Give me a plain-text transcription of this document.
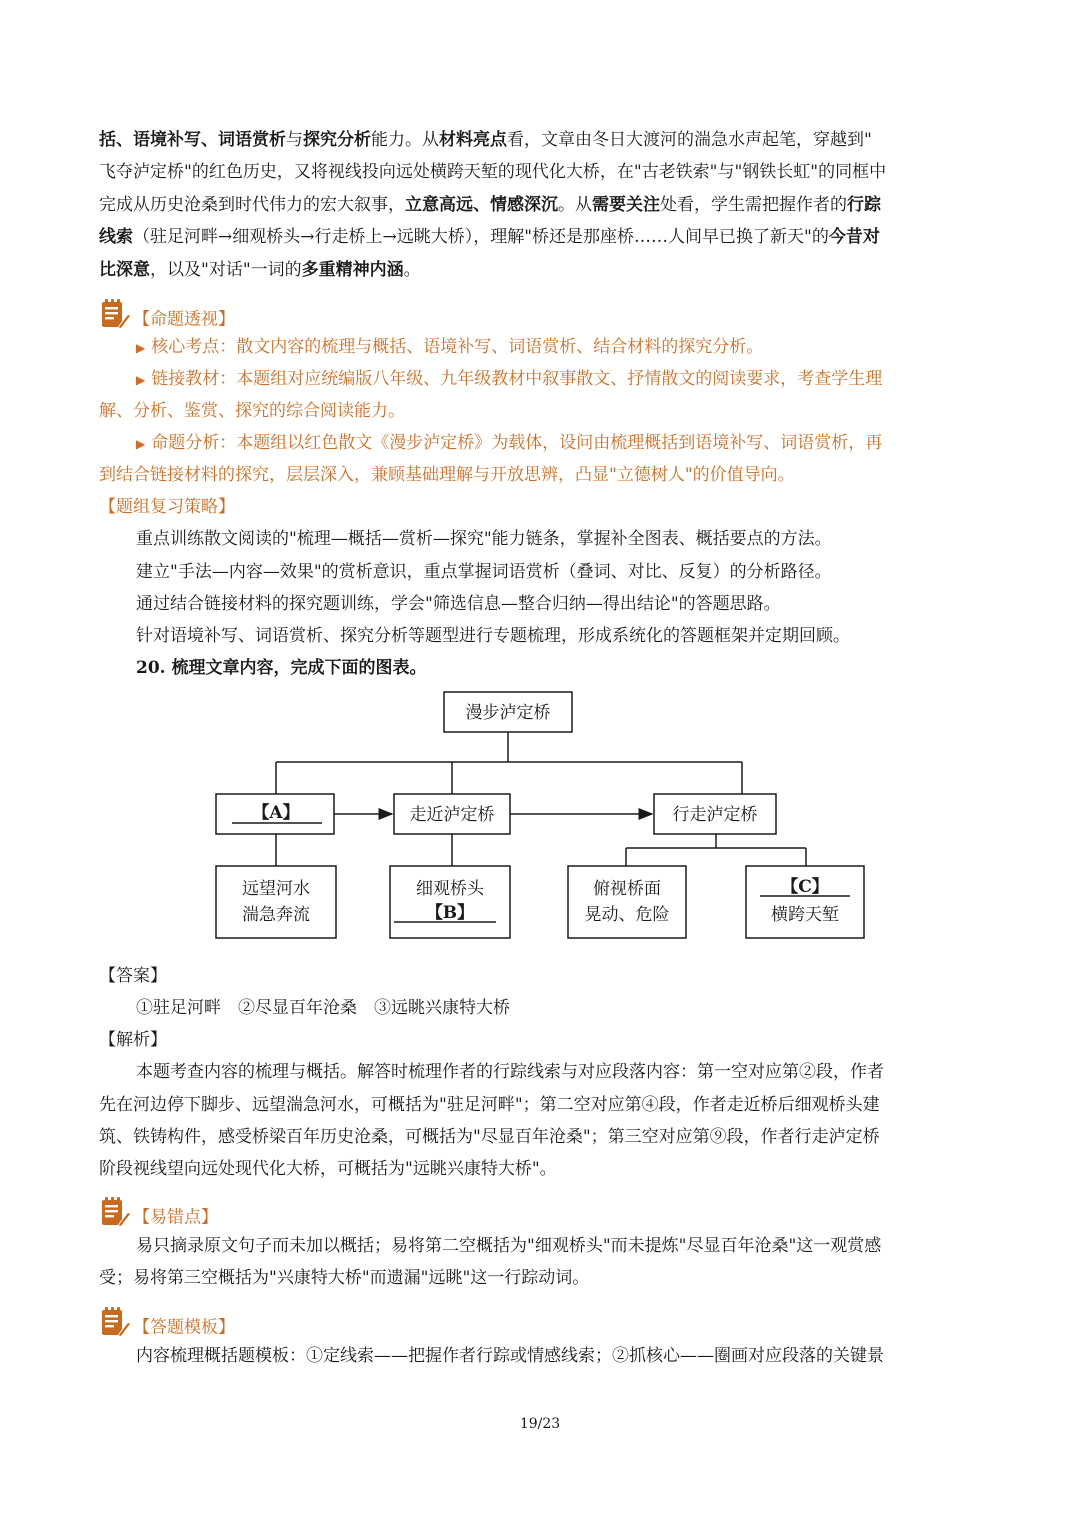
括、语境补写、词语赏析与探究分析能力。从材料亮点看，文章由冬日大渡河的湍急水声起笔，穿越到"

飞夺泸定桥"的红色历史，又将视线投向远处横跨天堑的现代化大桥，在"古老铁索"与"钢铁长虹"的同框中

完成从历史沧桑到时代伟力的宏大叙事，立意高远、情感深沉。从需要关注处看，学生需把握作者的行踪

线索（驻足河畔→细观桥头→行走桥上→远眺大桥），理解"桥还是那座桥……人间早已换了新天"的今昔对

比深意，以及"对话"一词的多重精神内涵。

【命题透视】

▶ 核心考点：散文内容的梳理与概括、语境补写、词语赏析、结合材料的探究分析。

▶ 链接教材：本题组对应统编版八年级、九年级教材中叙事散文、抒情散文的阅读要求，考查学生理

解、分析、鉴赏、探究的综合阅读能力。

▶ 命题分析：本题组以红色散文《漫步泸定桥》为载体，设问由梳理概括到语境补写、词语赏析，再

到结合链接材料的探究，层层深入，兼顾基础理解与开放思辨，凸显"立德树人"的价值导向。

【题组复习策略】

重点训练散文阅读的"梳理—概括—赏析—探究"能力链条，掌握补全图表、概括要点的方法。

建立"手法—内容—效果"的赏析意识，重点掌握词语赏析（叠词、对比、反复）的分析路径。

通过结合链接材料的探究题训练，学会"筛选信息—整合归纳—得出结论"的答题思路。

针对语境补写、词语赏析、探究分析等题型进行专题梳理，形成系统化的答题框架并定期回顾。

20. 梳理文章内容，完成下面的图表。

漫步泸定桥
【A】	走近泸定桥	行走泸定桥
远望河水
湍急奔流
细观桥头
【B】
俯视桥面
晃动、危险
【C】
横跨天堑

【答案】

①驻足河畔　②尽显百年沧桑　③远眺兴康特大桥

【解析】

本题考查内容的梳理与概括。解答时梳理作者的行踪线索与对应段落内容：第一空对应第②段，作者

先在河边停下脚步、远望湍急河水，可概括为"驻足河畔"；第二空对应第④段，作者走近桥后细观桥头建

筑、铁铸构件，感受桥梁百年历史沧桑，可概括为"尽显百年沧桑"；第三空对应第⑨段，作者行走泸定桥

阶段视线望向远处现代化大桥，可概括为"远眺兴康特大桥"。

【易错点】

易只摘录原文句子而未加以概括；易将第二空概括为"细观桥头"而未提炼"尽显百年沧桑"这一观赏感

受；易将第三空概括为"兴康特大桥"而遗漏"远眺"这一行踪动词。

【答题模板】

内容梳理概括题模板：①定线索——把握作者行踪或情感线索；②抓核心——圈画对应段落的关键景

19/23
